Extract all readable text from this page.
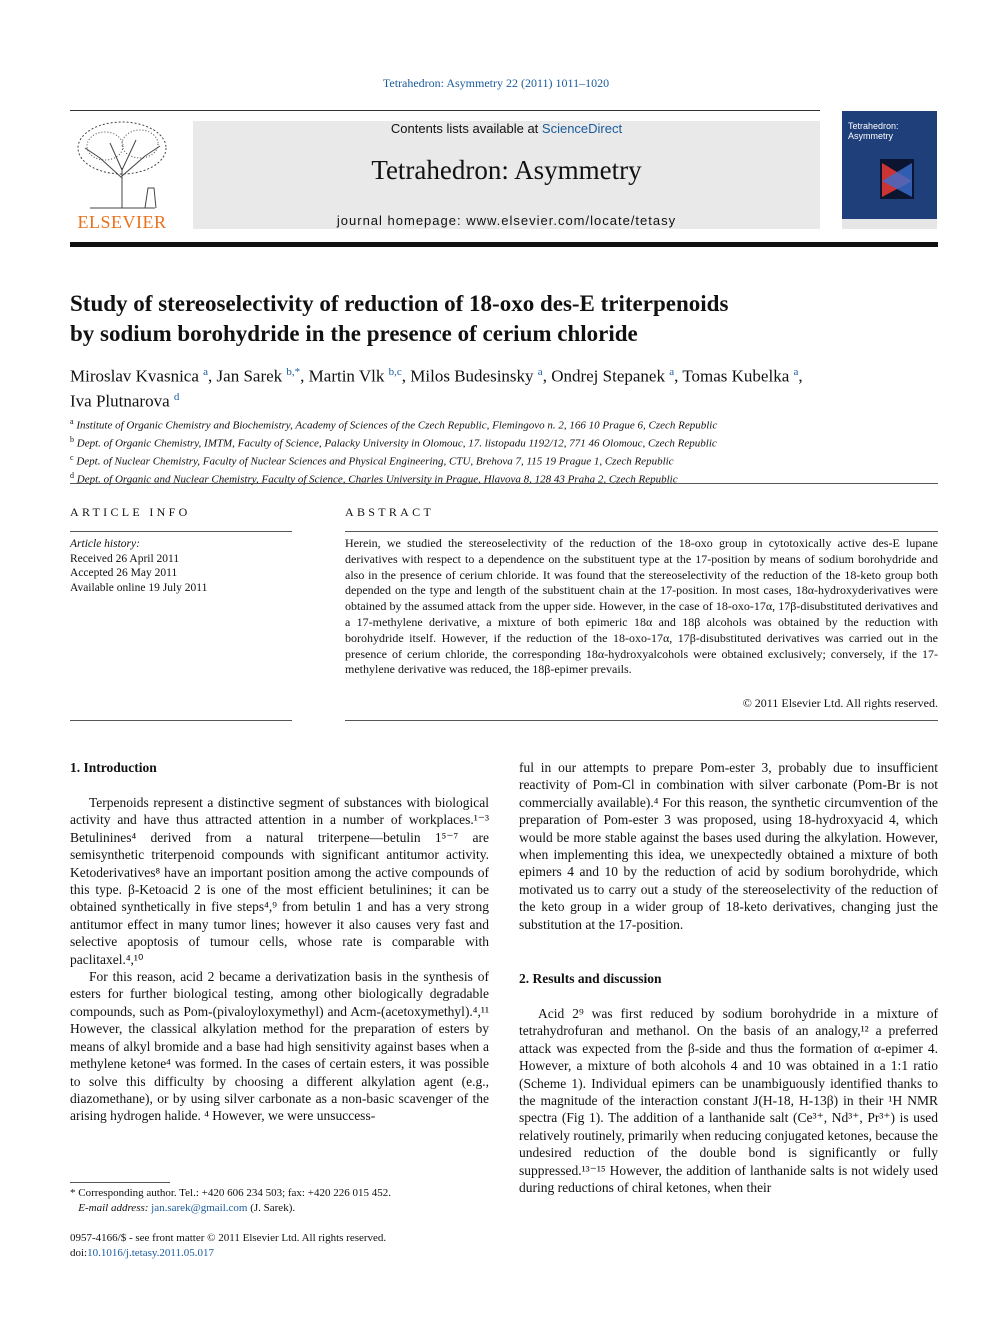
Tetrahedron: Asymmetry 22 (2011) 1011–1020
ELSEVIER
Contents lists available at ScienceDirect
Tetrahedron: Asymmetry
journal homepage: www.elsevier.com/locate/tetasy
Tetrahedron: Asymmetry
Study of stereoselectivity of reduction of 18-oxo des-E triterpenoids
by sodium borohydride in the presence of cerium chloride
Miroslav Kvasnica $^a$, Jan Sarek $^{b,*}$, Martin Vlk $^{b,c}$, Milos Budesinsky $^a$, Ondrej Stepanek $^a$, Tomas Kubelka $^a$,
Iva Plutnarova $^d$
$^a$ Institute of Organic Chemistry and Biochemistry, Academy of Sciences of the Czech Republic, Flemingovo n. 2, 166 10 Prague 6, Czech Republic
$^b$ Dept. of Organic Chemistry, IMTM, Faculty of Science, Palacky University in Olomouc, 17. listopadu 1192/12, 771 46 Olomouc, Czech Republic
$^c$ Dept. of Nuclear Chemistry, Faculty of Nuclear Sciences and Physical Engineering, CTU, Brehova 7, 115 19 Prague 1, Czech Republic
$^d$ Dept. of Organic and Nuclear Chemistry, Faculty of Science, Charles University in Prague, Hlavova 8, 128 43 Praha 2, Czech Republic
ARTICLE INFO	ABSTRACT
Article history:
Received 26 April 2011
Accepted 26 May 2011
Available online 19 July 2011
Herein, we studied the stereoselectivity of the reduction of the 18-oxo group in cytotoxically active des-E lupane derivatives with respect to a dependence on the substituent type at the 17-position by means of sodium borohydride and also in the presence of cerium chloride. It was found that the stereoselectivity of the reduction of the 18-keto group both depended on the type and length of the substituent chain at the 17-position. In most cases, 18α-hydroxyderivatives were obtained by the assumed attack from the upper side. However, in the case of 18-oxo-17α, 17β-disubstituted derivatives and a 17-methylene derivative, a mixture of both epimeric 18α and 18β alcohols was obtained by the reduction with borohydride itself. However, if the reduction of the 18-oxo-17α, 17β-disubstituted derivatives was carried out in the presence of cerium chloride, the corresponding 18α-hydroxyalcohols were obtained exclusively; conversely, if the 17-methylene derivative was reduced, the 18β-epimer prevails.
© 2011 Elsevier Ltd. All rights reserved.
1. Introduction

Terpenoids represent a distinctive segment of substances with biological activity and have thus attracted attention in a number of workplaces.¹⁻³ Betulinines⁴ derived from a natural triterpene—betulin 1⁵⁻⁷ are semisynthetic triterpenoid compounds with significant antitumor activity. Ketoderivatives⁸ have an important position among the active compounds of this type. β-Ketoacid 2 is one of the most efficient betulinines; it can be obtained synthetically in five steps⁴,⁹ from betulin 1 and has a very strong antitumor effect in many tumor lines; however it also causes very fast and selective apoptosis of tumour cells, whose rate is comparable with paclitaxel.⁴,¹⁰

For this reason, acid 2 became a derivatization basis in the synthesis of esters for further biological testing, among other biologically degradable compounds, such as Pom-(pivaloyloxymethyl) and Acm-(acetoxymethyl).⁴,¹¹ However, the classical alkylation method for the preparation of esters by means of alkyl bromide and a base had high sensitivity against bases when a methylene ketone⁴ was formed. In the cases of certain esters, it was possible to solve this difficulty by choosing a different alkylation agent (e.g., diazomethane), or by using silver carbonate as a non-basic scavenger of the arising hydrogen halide. ⁴ However, we were unsuccess-

ful in our attempts to prepare Pom-ester 3, probably due to insufficient reactivity of Pom-Cl in combination with silver carbonate (Pom-Br is not commercially available).⁴ For this reason, the synthetic circumvention of the preparation of Pom-ester 3 was proposed, using 18-hydroxyacid 4, which would be more stable against the bases used during the alkylation. However, when implementing this idea, we unexpectedly obtained a mixture of both epimers 4 and 10 by the reduction of acid by sodium borohydride, which motivated us to carry out a study of the stereoselectivity of the reduction of the keto group in a wider group of 18-keto derivatives, changing just the substitution at the 17-position.

2. Results and discussion

Acid 2⁹ was first reduced by sodium borohydride in a mixture of tetrahydrofuran and methanol. On the basis of an analogy,¹² a preferred attack was expected from the β-side and thus the formation of α-epimer 4. However, a mixture of both alcohols 4 and 10 was obtained in a 1:1 ratio (Scheme 1). Individual epimers can be unambiguously identified thanks to the magnitude of the interaction constant J(H-18, H-13β) in their ¹H NMR spectra (Fig 1). The addition of a lanthanide salt (Ce³⁺, Nd³⁺, Pr³⁺) is used relatively routinely, primarily when reducing conjugated ketones, because the undesired reduction of the double bond is significantly or fully suppressed.¹³⁻¹⁵ However, the addition of lanthanide salts is not widely used during reductions of chiral ketones, when their

* Corresponding author. Tel.: +420 606 234 503; fax: +420 226 015 452.
E-mail address: jan.sarek@gmail.com (J. Sarek).
0957-4166/$ - see front matter © 2011 Elsevier Ltd. All rights reserved.
doi:10.1016/j.tetasy.2011.05.017
